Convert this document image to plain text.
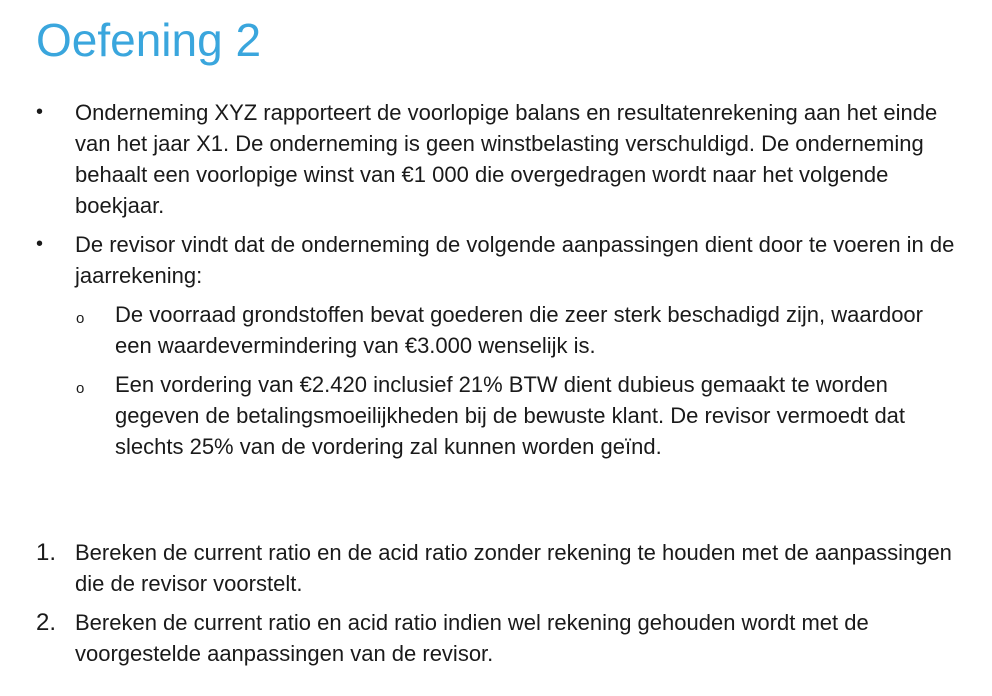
Oefening 2
• Onderneming XYZ rapporteert de voorlopige balans en resultatenrekening aan het einde van het jaar X1. De onderneming is geen winstbelasting verschuldigd. De onderneming behaalt een voorlopige winst van €1 000 die overgedragen wordt naar het volgende boekjaar.
• De revisor vindt dat de onderneming de volgende aanpassingen dient door te voeren in de jaarrekening:
o De voorraad grondstoffen bevat goederen die zeer sterk beschadigd zijn, waardoor een waardevermindering van €3.000 wenselijk is.
o Een vordering van €2.420 inclusief 21% BTW dient dubieus gemaakt te worden gegeven de betalingsmoeilijkheden bij de bewuste klant. De revisor vermoedt dat slechts 25% van de vordering zal kunnen worden geïnd.
1. Bereken de current ratio en de acid ratio zonder rekening te houden met de aanpassingen die de revisor voorstelt.
2. Bereken de current ratio en acid ratio indien wel rekening gehouden wordt met de voorgestelde aanpassingen van de revisor.
